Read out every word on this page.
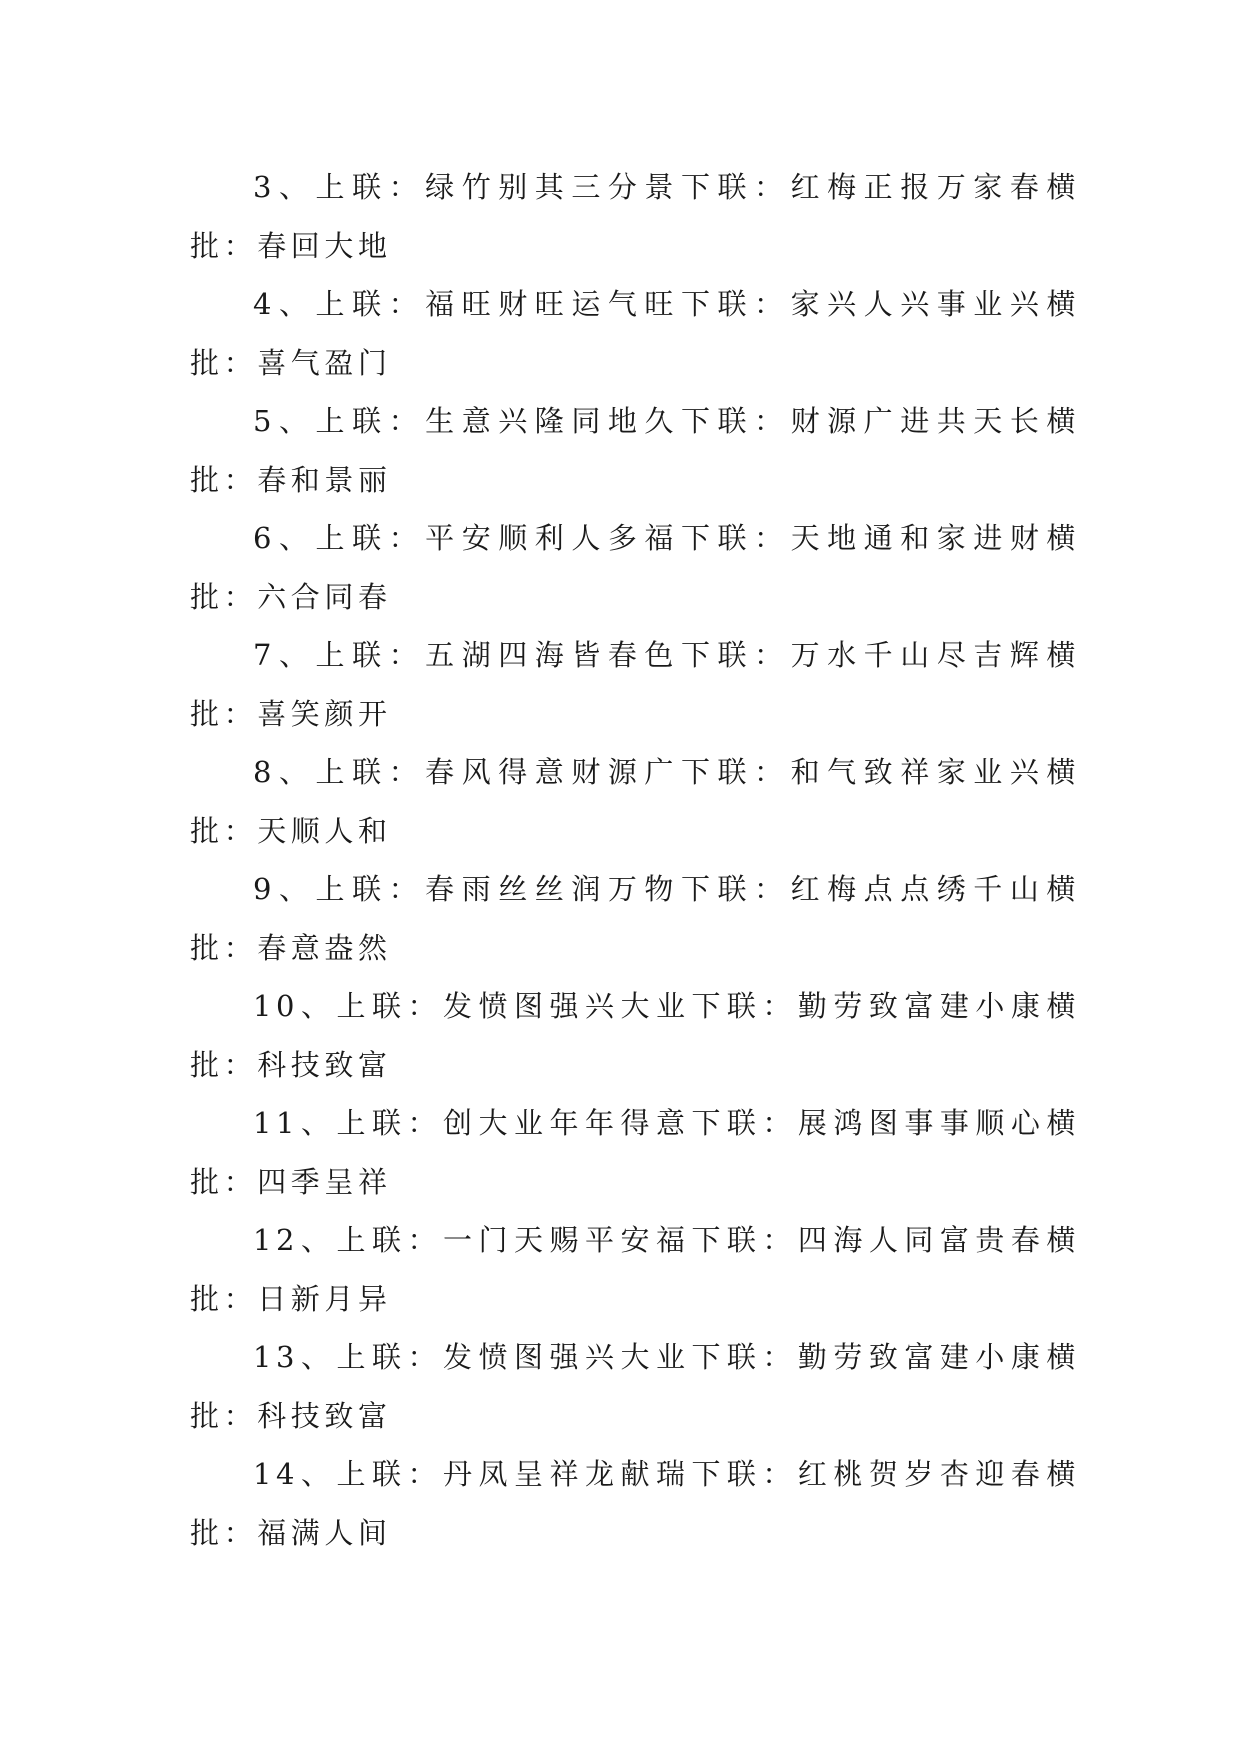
3、上联：绿竹别其三分景下联：红梅正报万家春横批：春回大地

4、上联：福旺财旺运气旺下联：家兴人兴事业兴横批：喜气盈门

5、上联：生意兴隆同地久下联：财源广进共天长横批：春和景丽

6、上联：平安顺利人多福下联：天地通和家进财横批：六合同春

7、上联：五湖四海皆春色下联：万水千山尽吉辉横批：喜笑颜开

8、上联：春风得意财源广下联：和气致祥家业兴横批：天顺人和

9、上联：春雨丝丝润万物下联：红梅点点绣千山横批：春意盎然

10、上联：发愤图强兴大业下联：勤劳致富建小康横批：科技致富

11、上联：创大业年年得意下联：展鸿图事事顺心横批：四季呈祥

12、上联：一门天赐平安福下联：四海人同富贵春横批：日新月异

13、上联：发愤图强兴大业下联：勤劳致富建小康横批：科技致富

14、上联：丹凤呈祥龙献瑞下联：红桃贺岁杏迎春横批：福满人间
